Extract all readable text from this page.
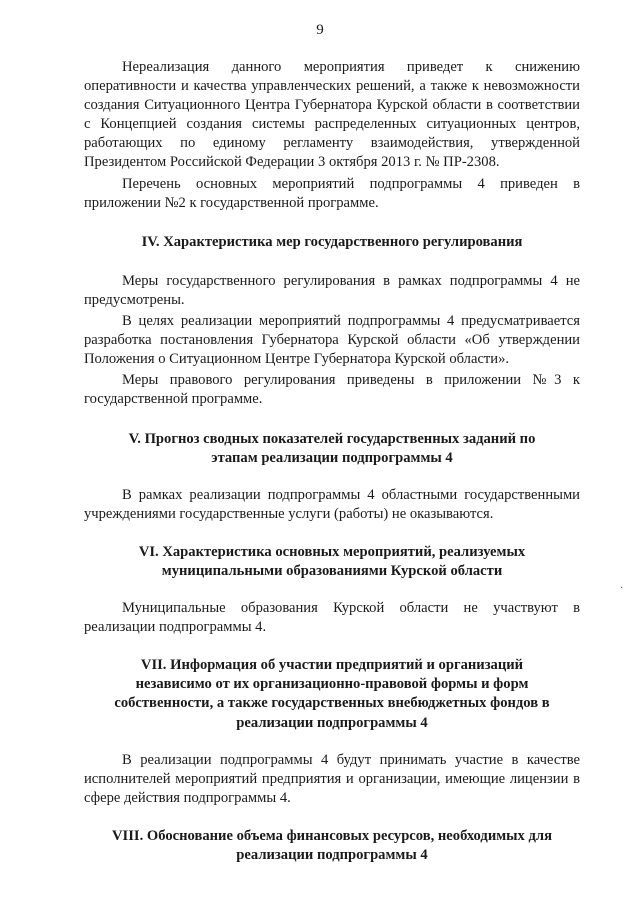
9

Нереализация данного мероприятия приведет к снижению оперативности и качества управленческих решений, а также к невозможности создания Ситуационного Центра Губернатора Курской области в соответствии с Концепцией создания системы распределенных ситуационных центров, работающих по единому регламенту взаимодействия, утвержденной Президентом Российской Федерации 3 октября 2013 г. № ПР-2308.

Перечень основных мероприятий подпрограммы 4 приведен в приложении №2 к государственной программе.

IV. Характеристика мер государственного регулирования

Меры государственного регулирования в рамках подпрограммы 4 не предусмотрены.

В целях реализации мероприятий подпрограммы 4 предусматривается разработка постановления Губернатора Курской области «Об утверждении Положения о Ситуационном Центре Губернатора Курской области».

Меры правового регулирования приведены в приложении №3 к государственной программе.

V. Прогноз сводных показателей государственных заданий по
этапам реализации подпрограммы 4

В рамках реализации подпрограммы 4 областными государственными учреждениями государственные услуги (работы) не оказываются.

VI. Характеристика основных мероприятий, реализуемых
муниципальными образованиями Курской области

Муниципальные образования Курской области не участвуют в реализации подпрограммы 4.

VII. Информация об участии предприятий и организаций
независимо от их организационно-правовой формы и форм
собственности, а также государственных внебюджетных фондов в
реализации подпрограммы 4

В реализации подпрограммы 4 будут принимать участие в качестве исполнителей мероприятий предприятия и организации, имеющие лицензии в сфере действия подпрограммы 4.

VIII. Обоснование объема финансовых ресурсов, необходимых для
реализации подпрограммы 4
·
